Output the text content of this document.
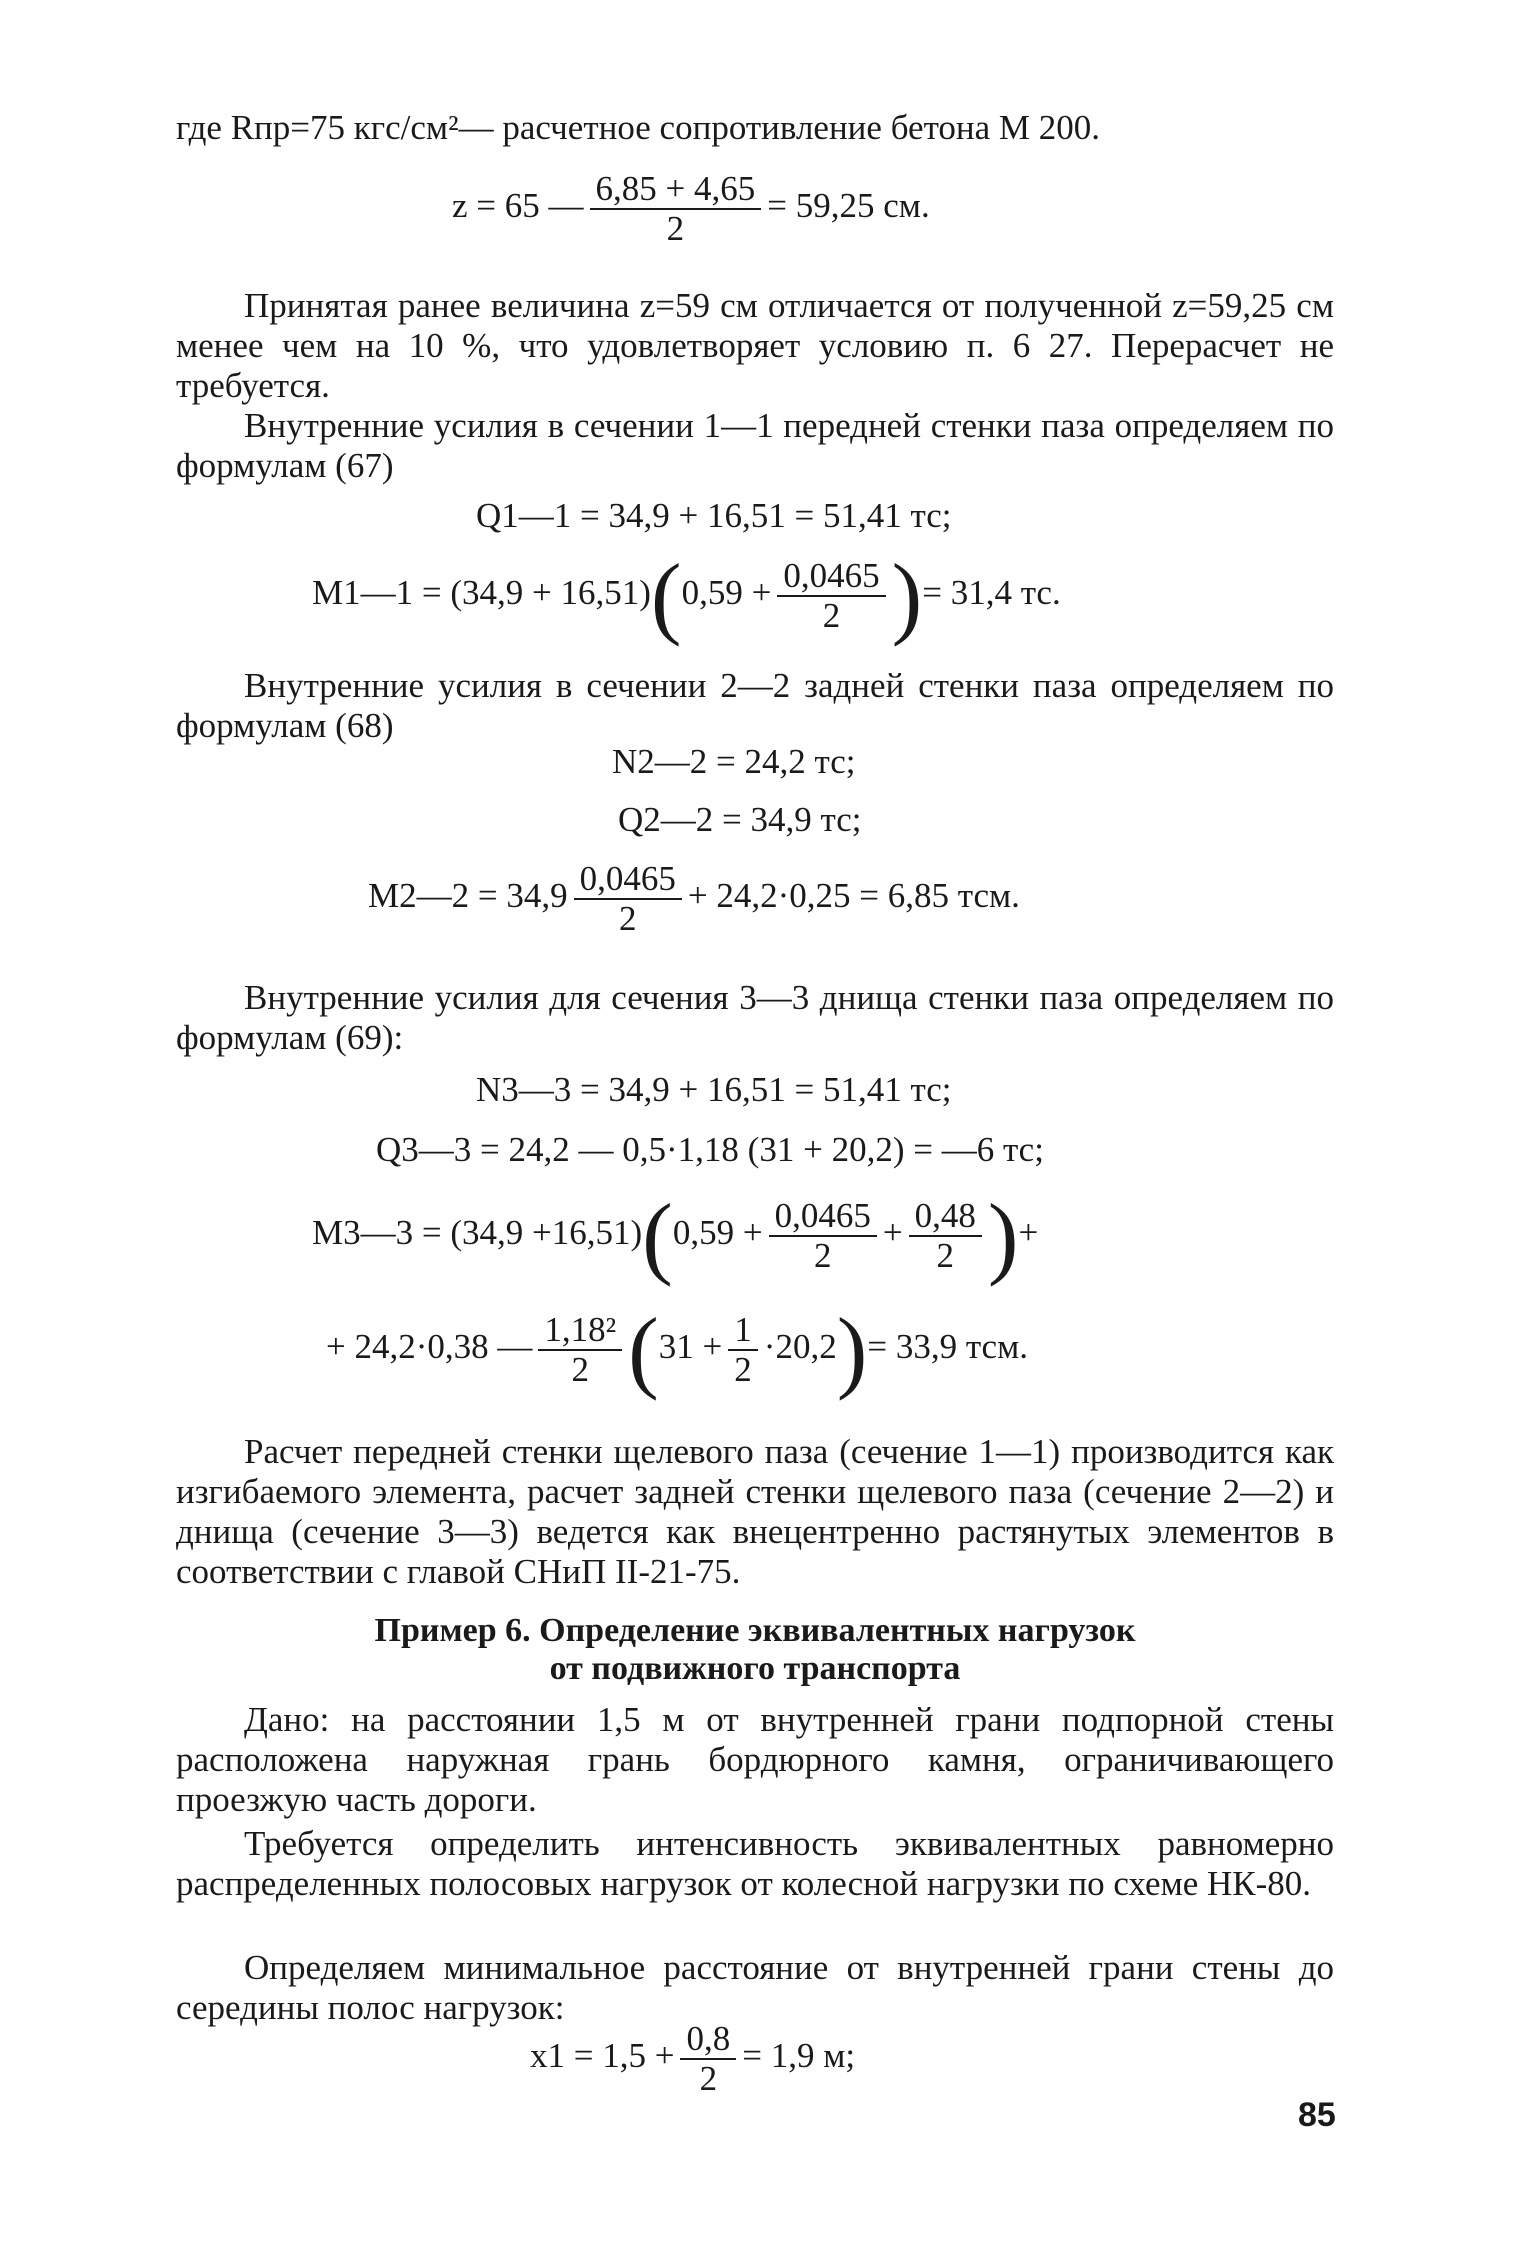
где Rпр=75 кгс/см²— расчетное сопротивление бетона М 200.
z = 65 — $\frac{6,85 + 4,65}{2} = 59,25$ см.

Принятая ранее величина z=59 см отличается от полученной z=59,25 см менее чем на 10 %, что удовлетворяет условию п. 6 27. Перерасчет не требуется.

Внутренние усилия в сечении 1—1 передней стенки паза определяем по формулам (67)

Q1—1 = 34,9 + 16,51 = 51,41 тс;
M1—1 = $(34,9 + 16,51)(0,59 + \frac{0,0465}{2}$ )= 31,4 тс.

Внутренние усилия в сечении 2—2 задней стенки паза определяем по формулам (68)

N2—2 = 24,2 тс;
Q2—2 = 34,9 тс;
M2—2 = $34,9 \frac{0,0465}{2} + 24,2\cdot 0,25 = 6,85$ тсм.

Внутренние усилия для сечения 3—3 днища стенки паза определяем по формулам (69):

N3—3 = 34,9 + 16,51 = 51,41 тс;
Q3—3 = 24,2 — 0,5·1,18 (31 + 20,2) = —6 тс;
M3—3 = $(34,9 +16,51)(0,59 + \frac{0,0465}{2} + \frac{0,48}{2}$ )+
+ 24,2·0,38 — $\frac{\text{1,18²}}{2} (31 + \frac{1}{2} \cdot 20,2)= 33,9$ тсм.

Расчет передней стенки щелевого паза (сечение 1—1) производится как изгибаемого элемента, расчет задней стенки щелевого паза (сечение 2—2) и днища (сечение 3—3) ведется как внецентренно растянутых элементов в соответствии с главой СНиП II-21-75.

Пример 6. Определение эквивалентных нагрузок
от подвижного транспорта

Дано: на расстоянии 1,5 м от внутренней грани подпорной стены расположена наружная грань бордюрного камня, ограничивающего проезжую часть дороги.

Требуется определить интенсивность эквивалентных равномерно распределенных полосовых нагрузок от колесной нагрузки по схеме НК-80.

Определяем минимальное расстояние от внутренней грани стены до середины полос нагрузок:

$x1 = 1,5 + \frac{0,8}{2} = 1,9$ м;
85
